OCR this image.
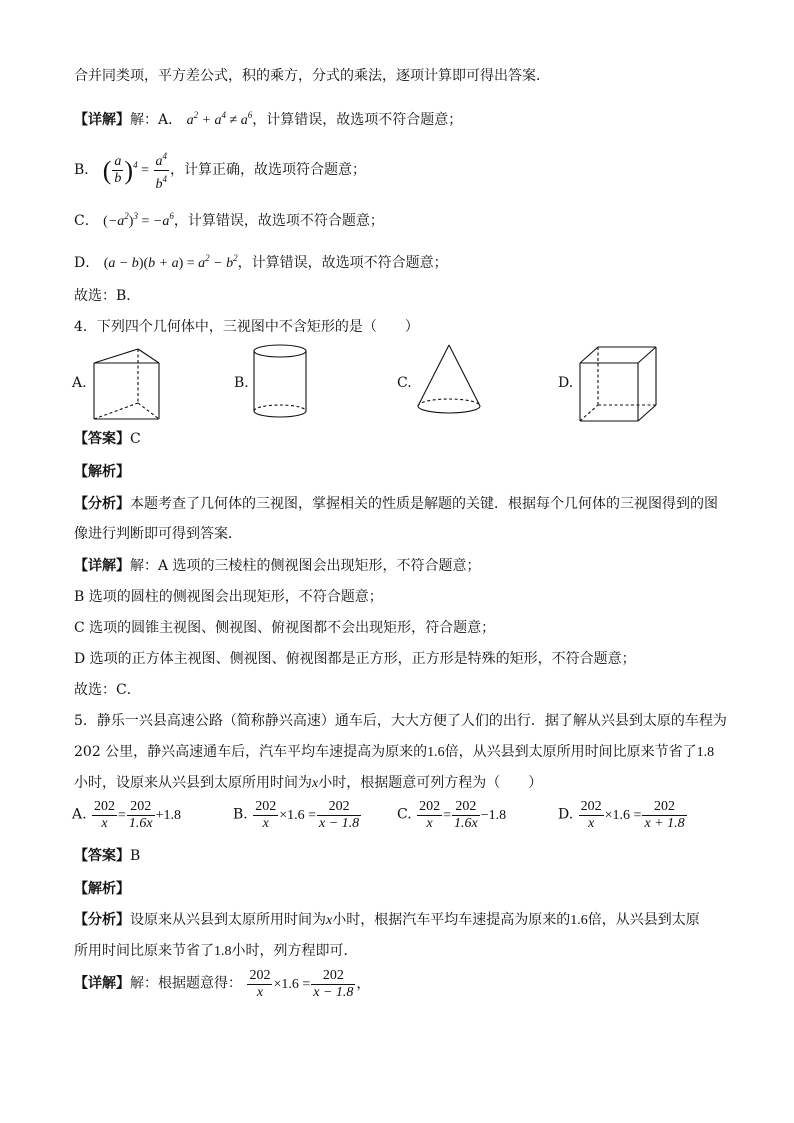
合并同类项，平方差公式，积的乘方，分式的乘法，逐项计算即可得出答案．
【详解】解：A． $a^2 + a^4 \ne a^6$，计算错误，故选项不符合题意；
B． ( $\frac{a}{b} )^4 = \frac{a^4}{b^4}$ ，计算正确，故选项符合题意；
C． $(-a^2)^3 = -a^6$，计算错误，故选项不符合题意；
D． $(a - b)(b + a) = a^2 - b^2$，计算错误，故选项不符合题意；
故选：B．
4．下列四个几何体中，三视图中不含矩形的是（　　）
A.	B.	C.	D.
【答案】C
【解析】
【分析】本题考查了几何体的三视图，掌握相关的性质是解题的关键．根据每个几何体的三视图得到的图
像进行判断即可得到答案．
【详解】解：A 选项的三棱柱的侧视图会出现矩形，不符合题意；
B 选项的圆柱的侧视图会出现矩形，不符合题意；
C 选项的圆锥主视图、侧视图、俯视图都不会出现矩形，符合题意；
D 选项的正方体主视图、侧视图、俯视图都是正方形，正方形是特殊的矩形，不符合题意；
故选：C．
5．静乐一兴县高速公路（简称静兴高速）通车后，大大方便了人们的出行．据了解从兴县到太原的车程为
202 公里，静兴高速通车后，汽车平均车速提高为原来的1.6倍，从兴县到太原所用时间比原来节省了1.8
小时，设原来从兴县到太原所用时间为x小时，根据题意可列方程为（　　）
A. $\frac{202}{x} = \frac{202}{1.6x} +1.8$	B. $\frac{202}{x} \times 1.6 = \frac{202}{x - 1.8}$	C. $\frac{202}{x} = \frac{202}{1.6x} -1.8$	D. $\frac{202}{x} \times 1.6 = \frac{202}{x + 1.8}$
【答案】B
【解析】
【分析】设原来从兴县到太原所用时间为x小时，根据汽车平均车速提高为原来的1.6倍，从兴县到太原
所用时间比原来节省了1.8小时，列方程即可．
【详解】解：根据题意得： $\frac{202}{x} \times 1.6 = \frac{202}{x - 1.8}$ ，
